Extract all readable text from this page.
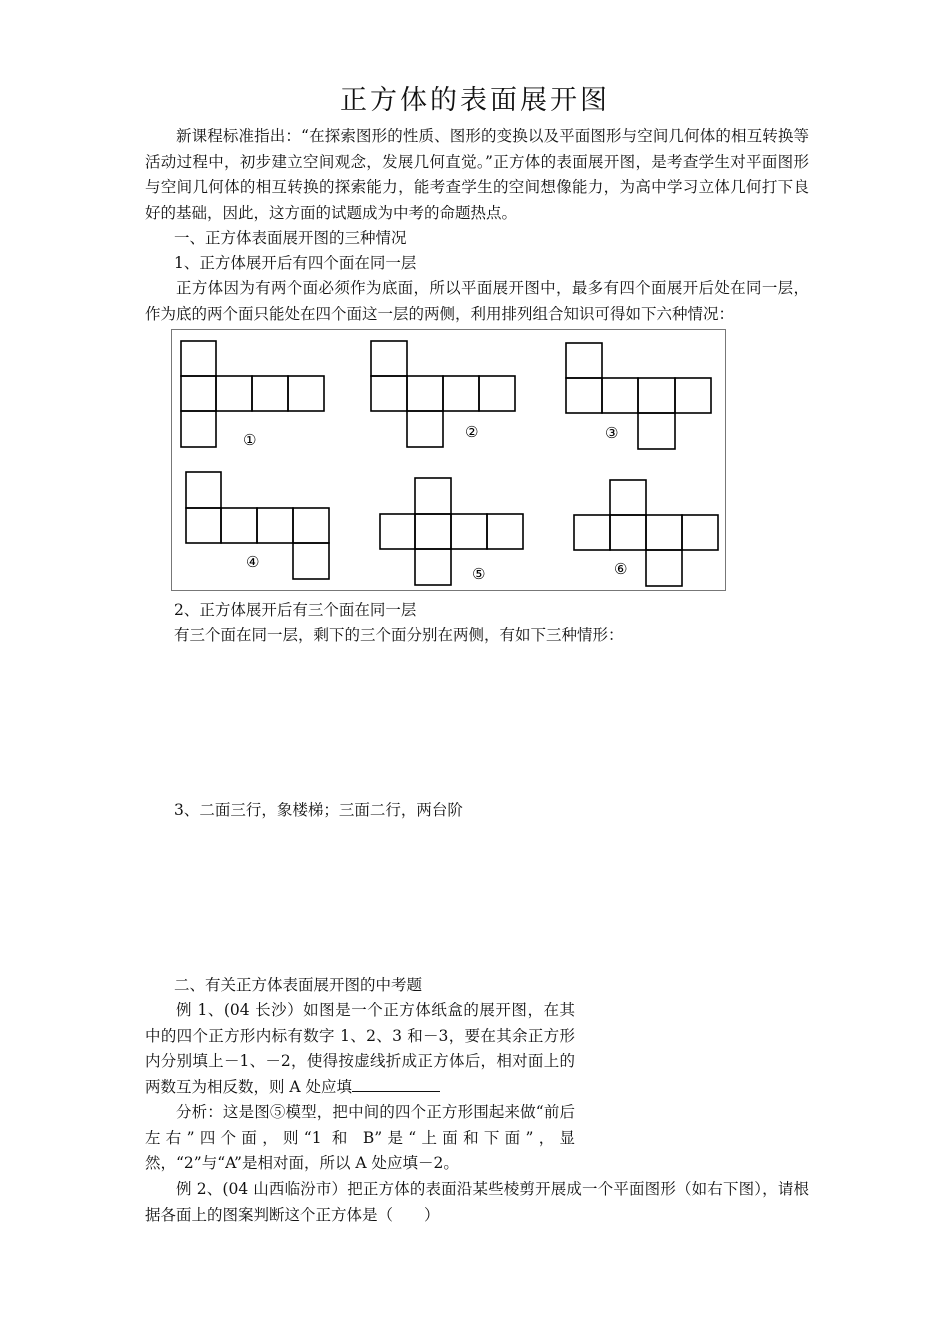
正方体的表面展开图
新课程标准指出：“在探索图形的性质、图形的变换以及平面图形与空间几何体的相互转换等活动过程中，初步建立空间观念，发展几何直觉。”正方体的表面展开图，是考查学生对平面图形与空间几何体的相互转换的探索能力，能考查学生的空间想像能力，为高中学习立体几何打下良好的基础，因此，这方面的试题成为中考的命题热点。
一、正方体表面展开图的三种情况
1、正方体展开后有四个面在同一层
正方体因为有两个面必须作为底面，所以平面展开图中，最多有四个面展开后处在同一层，作为底的两个面只能处在四个面这一层的两侧，利用排列组合知识可得如下六种情况：
①	②	③
④
⑤	⑥
2、正方体展开后有三个面在同一层
有三个面在同一层，剩下的三个面分别在两侧，有如下三种情形：
3、二面三行，象楼梯；三面二行，两台阶
二、有关正方体表面展开图的中考题
例 1、(04 长沙）如图是一个正方体纸盒的展开图，在其中的四个正方形内标有数字 1、2、3 和－3，要在其余正方形内分别填上－1、－2，使得按虚线折成正方体后，相对面上的两数互为相反数，则 A 处应填
分析：这是图⑤模型，把中间的四个正方形围起来做“前后左右”四个面，则“1 和 B”是“上面和下面”，显然，“2”与“A”是相对面，所以 A 处应填－2。
例 2、(04 山西临汾市）把正方体的表面沿某些棱剪开展成一个平面图形（如右下图），请根据各面上的图案判断这个正方体是（　　）
